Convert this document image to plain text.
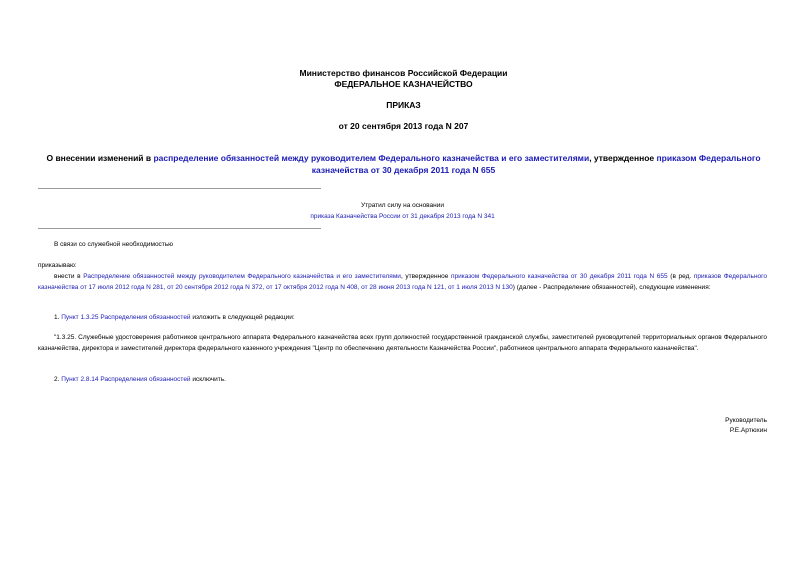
Министерство финансов Российской Федерации
ФЕДЕРАЛЬНОЕ КАЗНАЧЕЙСТВО
ПРИКАЗ
от 20 сентября 2013 года N 207
О внесении изменений в распределение обязанностей между руководителем Федерального казначейства и его заместителями, утвержденное приказом Федерального казначейства от 30 декабря 2011 года N 655
Утратил силу на основании
приказа Казначейства России от 31 декабря 2013 года N 341
В связи со служебной необходимостью
приказываю:
внести в Распределение обязанностей между руководителем Федерального казначейства и его заместителями, утвержденное приказом Федерального казначейства от 30 декабря 2011 года N 655 (в ред. приказов Федерального казначейства от 17 июля 2012 года N 281, от 20 сентября 2012 года N 372, от 17 октября 2012 года N 408, от 28 июня 2013 года N 121, от 1 июля 2013 N 130) (далее - Распределение обязанностей), следующие изменения:
1. Пункт 1.3.25 Распределения обязанностей изложить в следующей редакции:
"1.3.25. Служебные удостоверения работников центрального аппарата Федерального казначейства всех групп должностей государственной гражданской службы, заместителей руководителей территориальных органов Федерального казначейства, директора и заместителей директора федерального казенного учреждения "Центр по обеспечению деятельности Казначейства России", работников центрального аппарата Федерального казначейства".
2. Пункт 2.8.14 Распределения обязанностей исключить.
Руководитель
Р.Е.Артюхин
